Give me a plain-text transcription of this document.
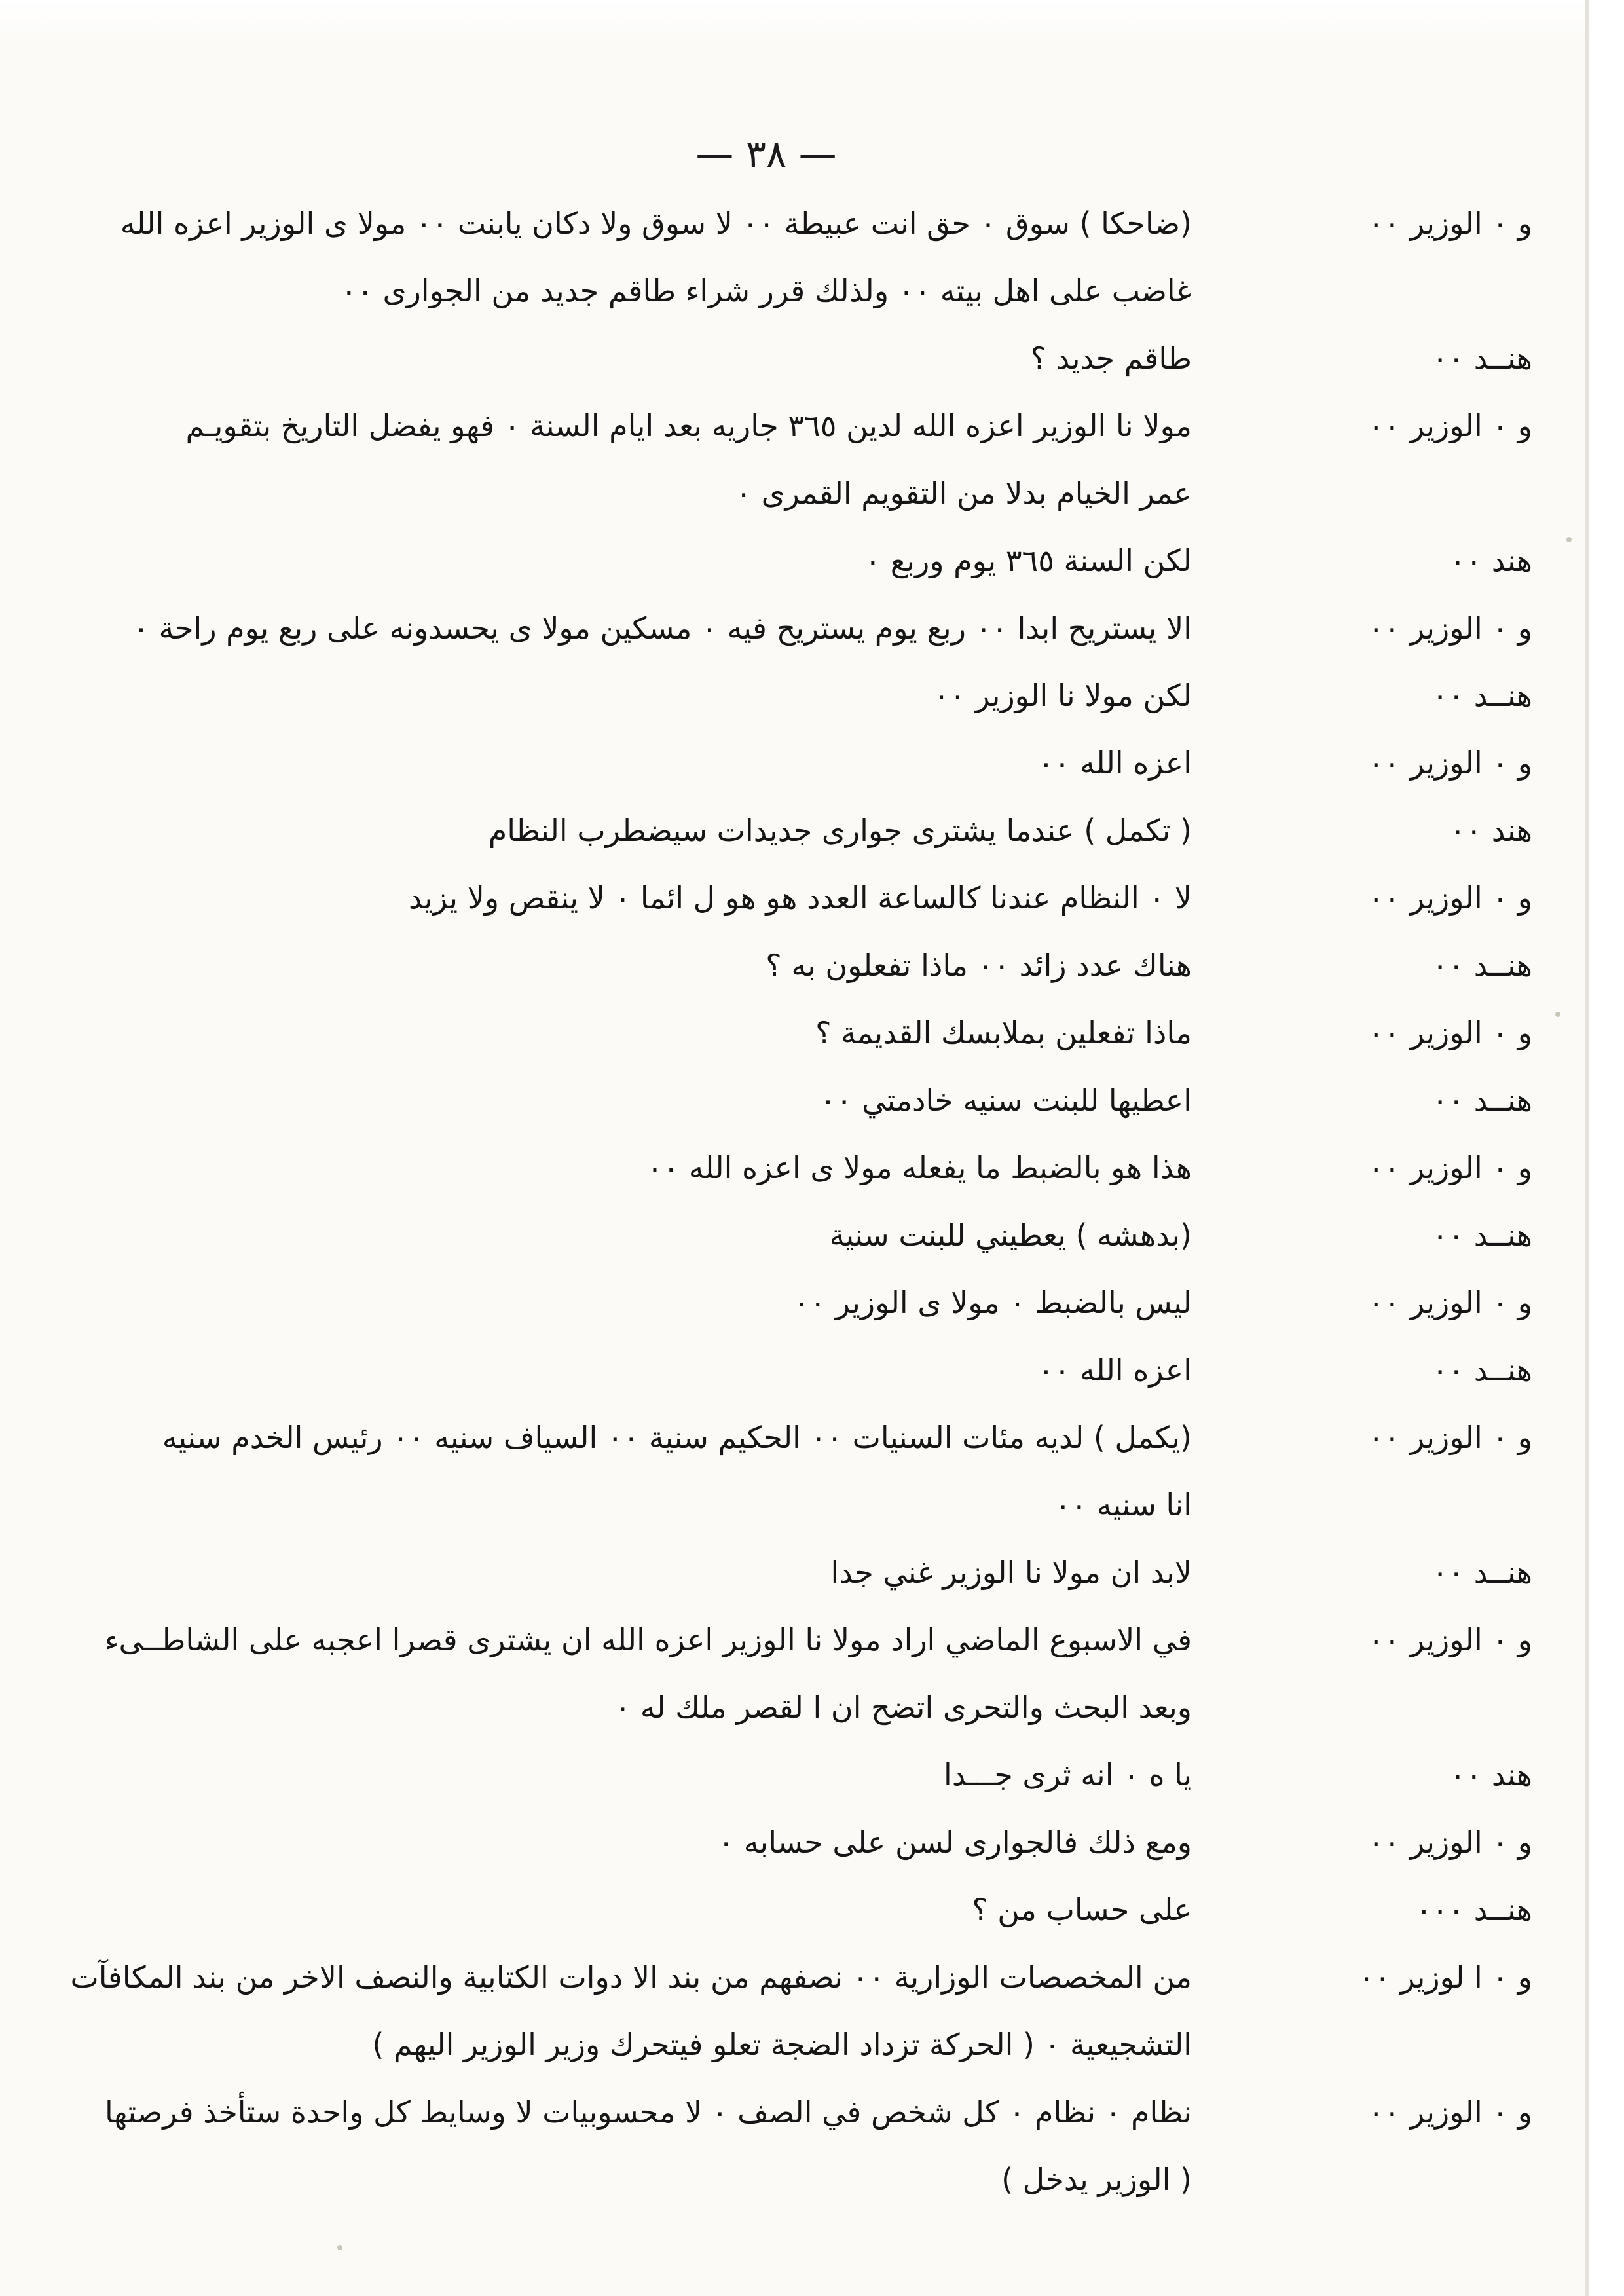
— ٣٨ —
و ٠ الوزير ٠٠
(ضاحكا ) سوق ٠ حق انت عبيطة ٠٠ لا سوق ولا دكان يابنت ٠٠ مولا ى الوزير اعزه الله
غاضب على اهل بيته ٠٠ ولذلك قرر شراء طاقم جديد من الجوارى ٠٠
هنــد ٠٠
طاقم جديد ؟
و ٠ الوزير ٠٠
مولا نا الوزير اعزه الله لدين ٣٦٥ جاريه بعد ايام السنة ٠ فهو يفضل التاريخ بتقويـم
عمر الخيام بدلا من التقويم القمرى ٠
هند ٠٠
لكن السنة ٣٦٥ يوم وربع ٠
و ٠ الوزير ٠٠
الا يستريح ابدا ٠٠ ربع يوم يستريح فيه ٠ مسكين مولا ى يحسدونه على ربع يوم راحة ٠
هنــد ٠٠
لكن مولا نا الوزير ٠٠
و ٠ الوزير ٠٠
اعزه الله ٠٠
هند ٠٠
( تكمل ) عندما يشترى جوارى جديدات سيضطرب النظام
و ٠ الوزير ٠٠
لا ٠ النظام عندنا كالساعة العدد هو هو ل ائما ٠ لا ينقص ولا يزيد
هنــد ٠٠
هناك عدد زائد ٠٠ ماذا تفعلون به ؟
و ٠ الوزير ٠٠
ماذا تفعلين بملابسك القديمة ؟
هنــد ٠٠
اعطيها للبنت سنيه خادمتي ٠٠
و ٠ الوزير ٠٠
هذا هو بالضبط ما يفعله مولا ى اعزه الله ٠٠
هنــد ٠٠
(بدهشه ) يعطيني للبنت سنية
و ٠ الوزير ٠٠
ليس بالضبط ٠ مولا ى الوزير ٠٠
هنــد ٠٠
اعزه الله ٠٠
و ٠ الوزير ٠٠
(يكمل ) لديه مئات السنيات ٠٠ الحكيم سنية ٠٠ السياف سنيه ٠٠ رئيس الخدم سنيه
انا سنيه ٠٠
هنــد ٠٠
لابد ان مولا نا الوزير غني جدا
و ٠ الوزير ٠٠
في الاسبوع الماضي اراد مولا نا الوزير اعزه الله ان يشترى قصرا اعجبه على الشاطــىء
وبعد البحث والتحرى اتضح ان ا لقصر ملك له ٠
هند ٠٠
يا ه ٠ انه ثرى جـــدا
و ٠ الوزير ٠٠
ومع ذلك فالجوارى لسن على حسابه ٠
هنــد ٠٠٠
على حساب من ؟
و ٠ ا لوزير ٠٠
من المخصصات الوزارية ٠٠ نصفهم من بند الا دوات الكتابية والنصف الاخر من بند المكافآت
التشجيعية ٠ ( الحركة تزداد الضجة تعلو فيتحرك وزير الوزير اليهم )
و ٠ الوزير ٠٠
نظام ٠ نظام ٠ كل شخص في الصف ٠ لا محسوبيات لا وسايط كل واحدة ستأخذ فرصتها
( الوزير يدخل )
